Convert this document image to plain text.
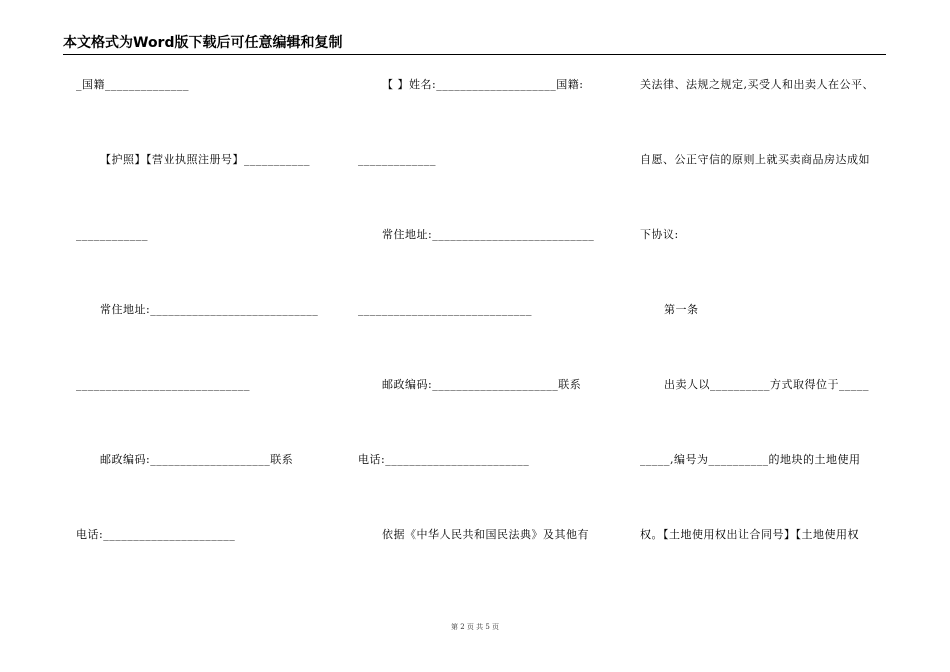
本文格式为Word版下载后可任意编辑和复制
_国籍______________
【护照】【营业执照注册号】___________
____________
常住地址:____________________________
_____________________________
邮政编码:____________________联系
电话:______________________
【 】姓名:____________________国籍:
_____________
常住地址:___________________________
_____________________________
邮政编码:_____________________联系
电话:________________________
依据《中华人民共和国民法典》及其他有
关法律、法规之规定,买受人和出卖人在公平、
自愿、公正守信的原则上就买卖商品房达成如
下协议:
第一条
出卖人以__________方式取得位于_____
_____,编号为__________的地块的土地使用
权。【土地使用权出让合同号】【土地使用权
第 2 页 共 5 页
